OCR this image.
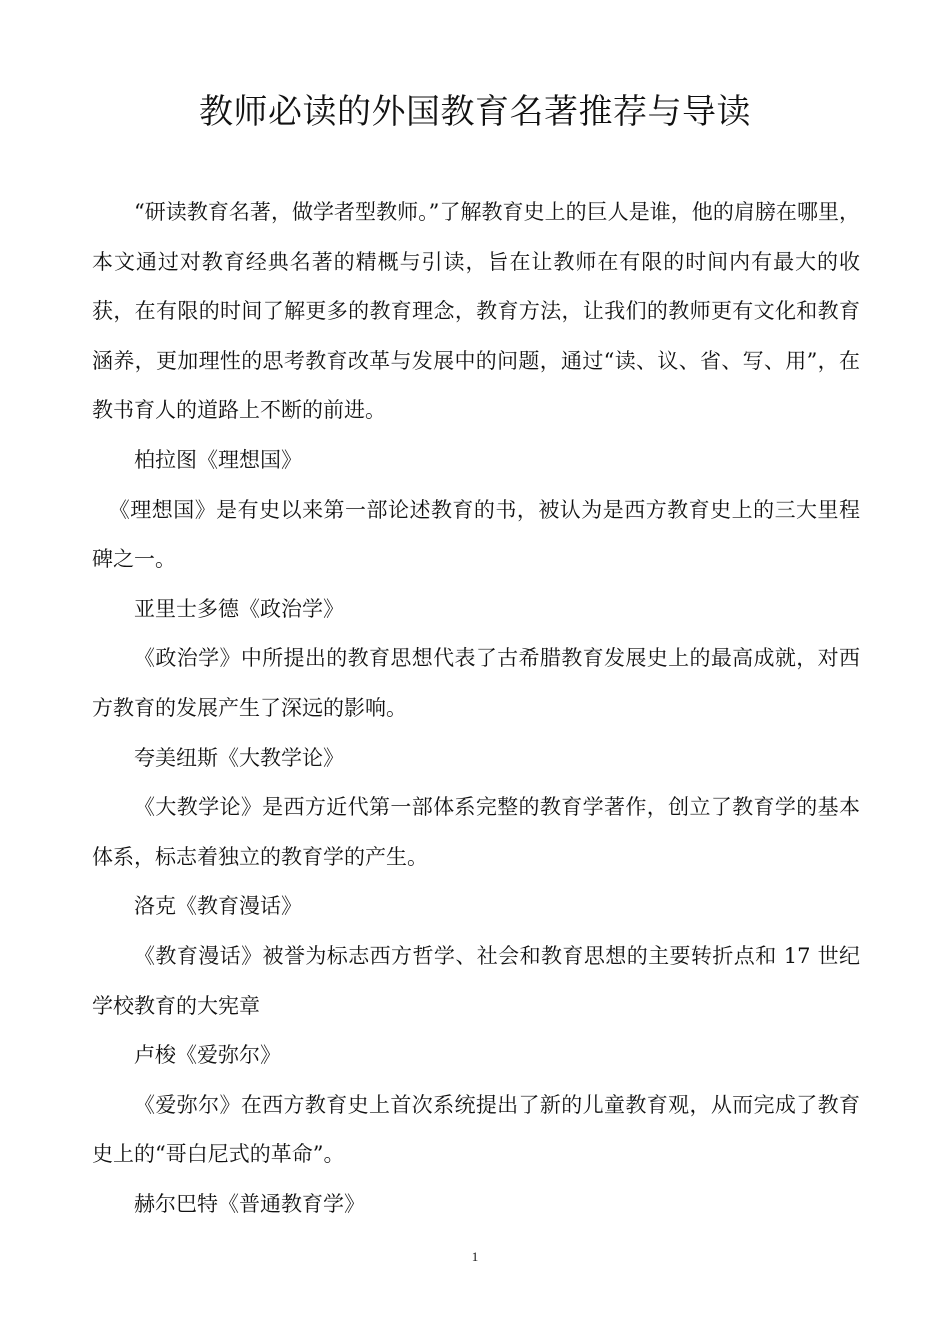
教师必读的外国教育名著推荐与导读

“研读教育名著，做学者型教师。”了解教育史上的巨人是谁，他的肩膀在哪里，本文通过对教育经典名著的精概与引读，旨在让教师在有限的时间内有最大的收获，在有限的时间了解更多的教育理念，教育方法，让我们的教师更有文化和教育涵养，更加理性的思考教育改革与发展中的问题，通过“读、议、省、写、用”，在教书育人的道路上不断的前进。

柏拉图《理想国》

《理想国》是有史以来第一部论述教育的书，被认为是西方教育史上的三大里程碑之一。

亚里士多德《政治学》

《政治学》中所提出的教育思想代表了古希腊教育发展史上的最高成就，对西方教育的发展产生了深远的影响。

夸美纽斯《大教学论》

《大教学论》是西方近代第一部体系完整的教育学著作，创立了教育学的基本体系，标志着独立的教育学的产生。

洛克《教育漫话》

《教育漫话》被誉为标志西方哲学、社会和教育思想的主要转折点和 17 世纪学校教育的大宪章

卢梭《爱弥尔》

《爱弥尔》在西方教育史上首次系统提出了新的儿童教育观，从而完成了教育史上的“哥白尼式的革命”。

赫尔巴特《普通教育学》

1
